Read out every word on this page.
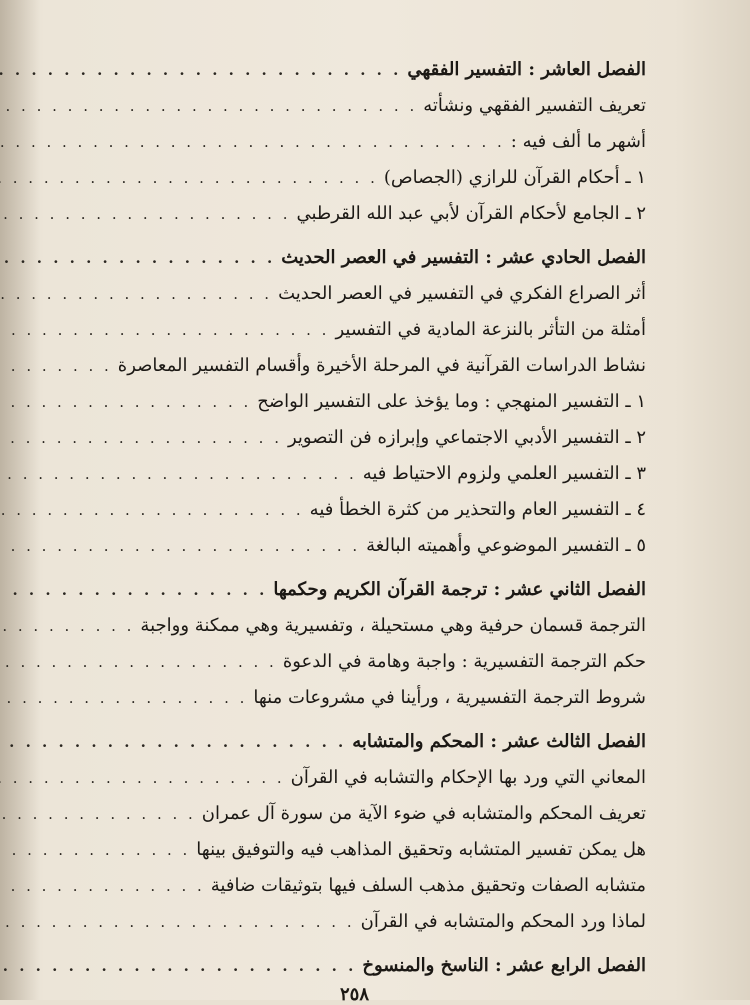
الفصل العاشر : التفسير الفقهي
. . .
تعريف التفسير الفقهي ونشأته
. . .
أشهر ما ألف فيه :
. . .
١ ـ أحكام القرآن للرازي (الجصاص)
. . .
٢ ـ الجامع لأحكام القرآن لأبي عبد الله القرطبي
. . .
الفصل الحادي عشر : التفسير في العصر الحديث
. . .
أثر الصراع الفكري في التفسير في العصر الحديث
. . .
أمثلة من التأثر بالنزعة المادية في التفسير
. . .
نشاط الدراسات القرآنية في المرحلة الأخيرة وأقسام التفسير المعاصرة
. . .
١ ـ التفسير المنهجي : وما يؤخذ على التفسير الواضح
. . .
٢ ـ التفسير الأدبي الاجتماعي وإبرازه فن التصوير
. . .
٣ ـ التفسير العلمي ولزوم الاحتياط فيه
. . .
٤ ـ التفسير العام والتحذير من كثرة الخطأ فيه
. . .
٥ ـ التفسير الموضوعي وأهميته البالغة
. . .
الفصل الثاني عشر : ترجمة القرآن الكريم وحكمها
. . .
الترجمة قسمان حرفية وهي مستحيلة ، وتفسيرية وهي ممكنة وواجبة
. . .
حكم الترجمة التفسيرية : واجبة وهامة في الدعوة
. . .
شروط الترجمة التفسيرية ، ورأينا في مشروعات منها
. . .
الفصل الثالث عشر : المحكم والمتشابه
. . .
المعاني التي ورد بها الإحكام والتشابه في القرآن
. . .
تعريف المحكم والمتشابه في ضوء الآية من سورة آل عمران
. . .
هل يمكن تفسير المتشابه وتحقيق المذاهب فيه والتوفيق بينها
. . .
متشابه الصفات وتحقيق مذهب السلف فيها بتوثيقات ضافية
. . .
لماذا ورد المحكم والمتشابه في القرآن
. . .
الفصل الرابع عشر : الناسخ والمنسوخ
. . .
٢٥٨
